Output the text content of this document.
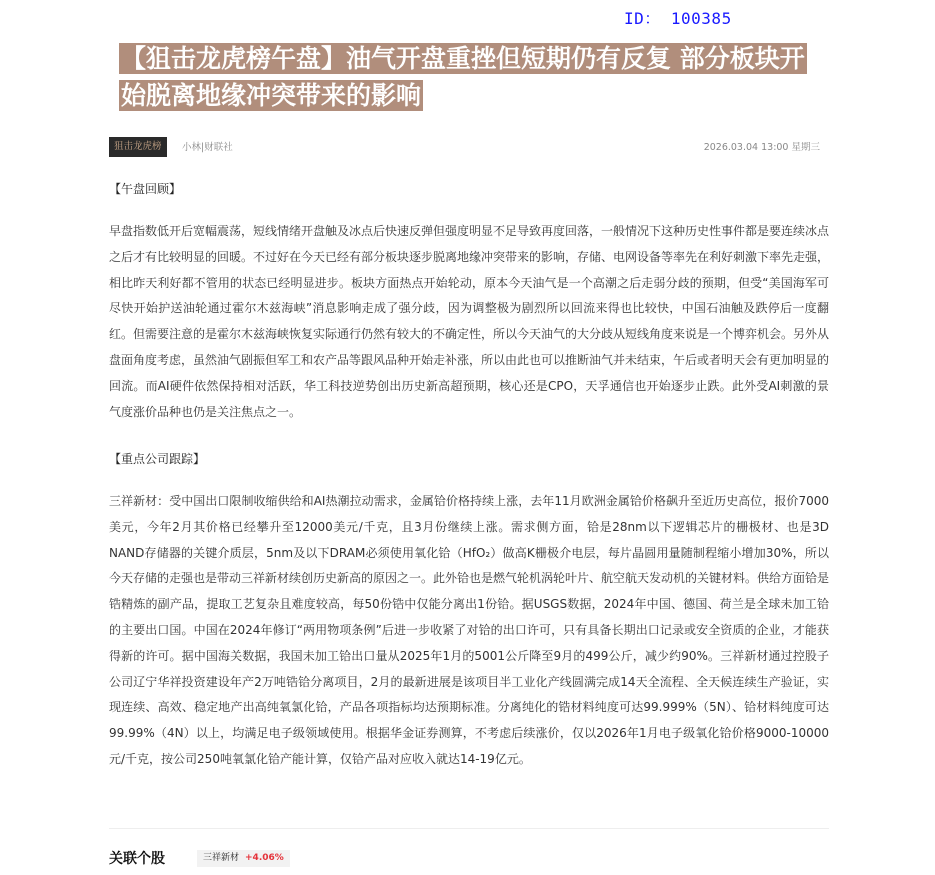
ID： 100385
【狙击龙虎榜午盘】油气开盘重挫但短期仍有反复 部分板块开始脱离地缘冲突带来的影响
狙击龙虎榜	小林|财联社	2026.03.04 13:00 星期三
【午盘回顾】

早盘指数低开后宽幅震荡，短线情绪开盘触及冰点后快速反弹但强度明显不足导致再度回落，一般情况下这种历史性事件都是要连续冰点之后才有比较明显的回暖。不过好在今天已经有部分板块逐步脱离地缘冲突带来的影响，存储、电网设备等率先在利好刺激下率先走强，相比昨天利好都不管用的状态已经明显进步。板块方面热点开始轮动，原本今天油气是一个高潮之后走弱分歧的预期，但受“美国海军可尽快开始护送油轮通过霍尔木兹海峡”消息影响走成了强分歧，因为调整极为剧烈所以回流来得也比较快，中国石油触及跌停后一度翻红。但需要注意的是霍尔木兹海峡恢复实际通行仍然有较大的不确定性，所以今天油气的大分歧从短线角度来说是一个博弈机会。另外从盘面角度考虑，虽然油气剧振但军工和农产品等跟风品种开始走补涨，所以由此也可以推断油气并未结束，午后或者明天会有更加明显的回流。而AI硬件依然保持相对活跃，华工科技逆势创出历史新高超预期，核心还是CPO，天孚通信也开始逐步止跌。此外受AI刺激的景气度涨价品种也仍是关注焦点之一。

【重点公司跟踪】

三祥新材：受中国出口限制收缩供给和AI热潮拉动需求，金属铪价格持续上涨，去年11月欧洲金属铪价格飙升至近历史高位，报价7000美元，今年2月其价格已经攀升至12000美元/千克，且3月份继续上涨。需求侧方面，铪是28nm以下逻辑芯片的栅极材、也是3D NAND存储器的关键介质层，5nm及以下DRAM必须使用氧化铪（HfO₂）做高K栅极介电层，每片晶圆用量随制程缩小增加30%，所以今天存储的走强也是带动三祥新材续创历史新高的原因之一。此外铪也是燃气轮机涡轮叶片、航空航天发动机的关键材料。供给方面铪是锆精炼的副产品，提取工艺复杂且难度较高，每50份锆中仅能分离出1份铪。据USGS数据，2024年中国、德国、荷兰是全球未加工铪的主要出口国。中国在2024年修订“两用物项条例”后进一步收紧了对铪的出口许可，只有具备长期出口记录或安全资质的企业，才能获得新的许可。据中国海关数据，我国未加工铪出口量从2025年1月的5001公斤降至9月的499公斤，减少约90%。三祥新材通过控股子公司辽宁华祥投资建设年产2万吨锆铪分离项目，2月的最新进展是该项目半工业化产线圆满完成14天全流程、全天候连续生产验证，实现连续、高效、稳定地产出高纯氧氯化铪，产品各项指标均达预期标准。分离纯化的锆材料纯度可达99.999%（5N）、铪材料纯度可达99.99%（4N）以上，均满足电子级领域使用。根据华金证券测算，不考虑后续涨价，仅以2026年1月电子级氧化铪价格9000-10000元/千克，按公司250吨氧氯化铪产能计算，仅铪产品对应收入就达14-19亿元。

关联个股	三祥新材 +4.06%
